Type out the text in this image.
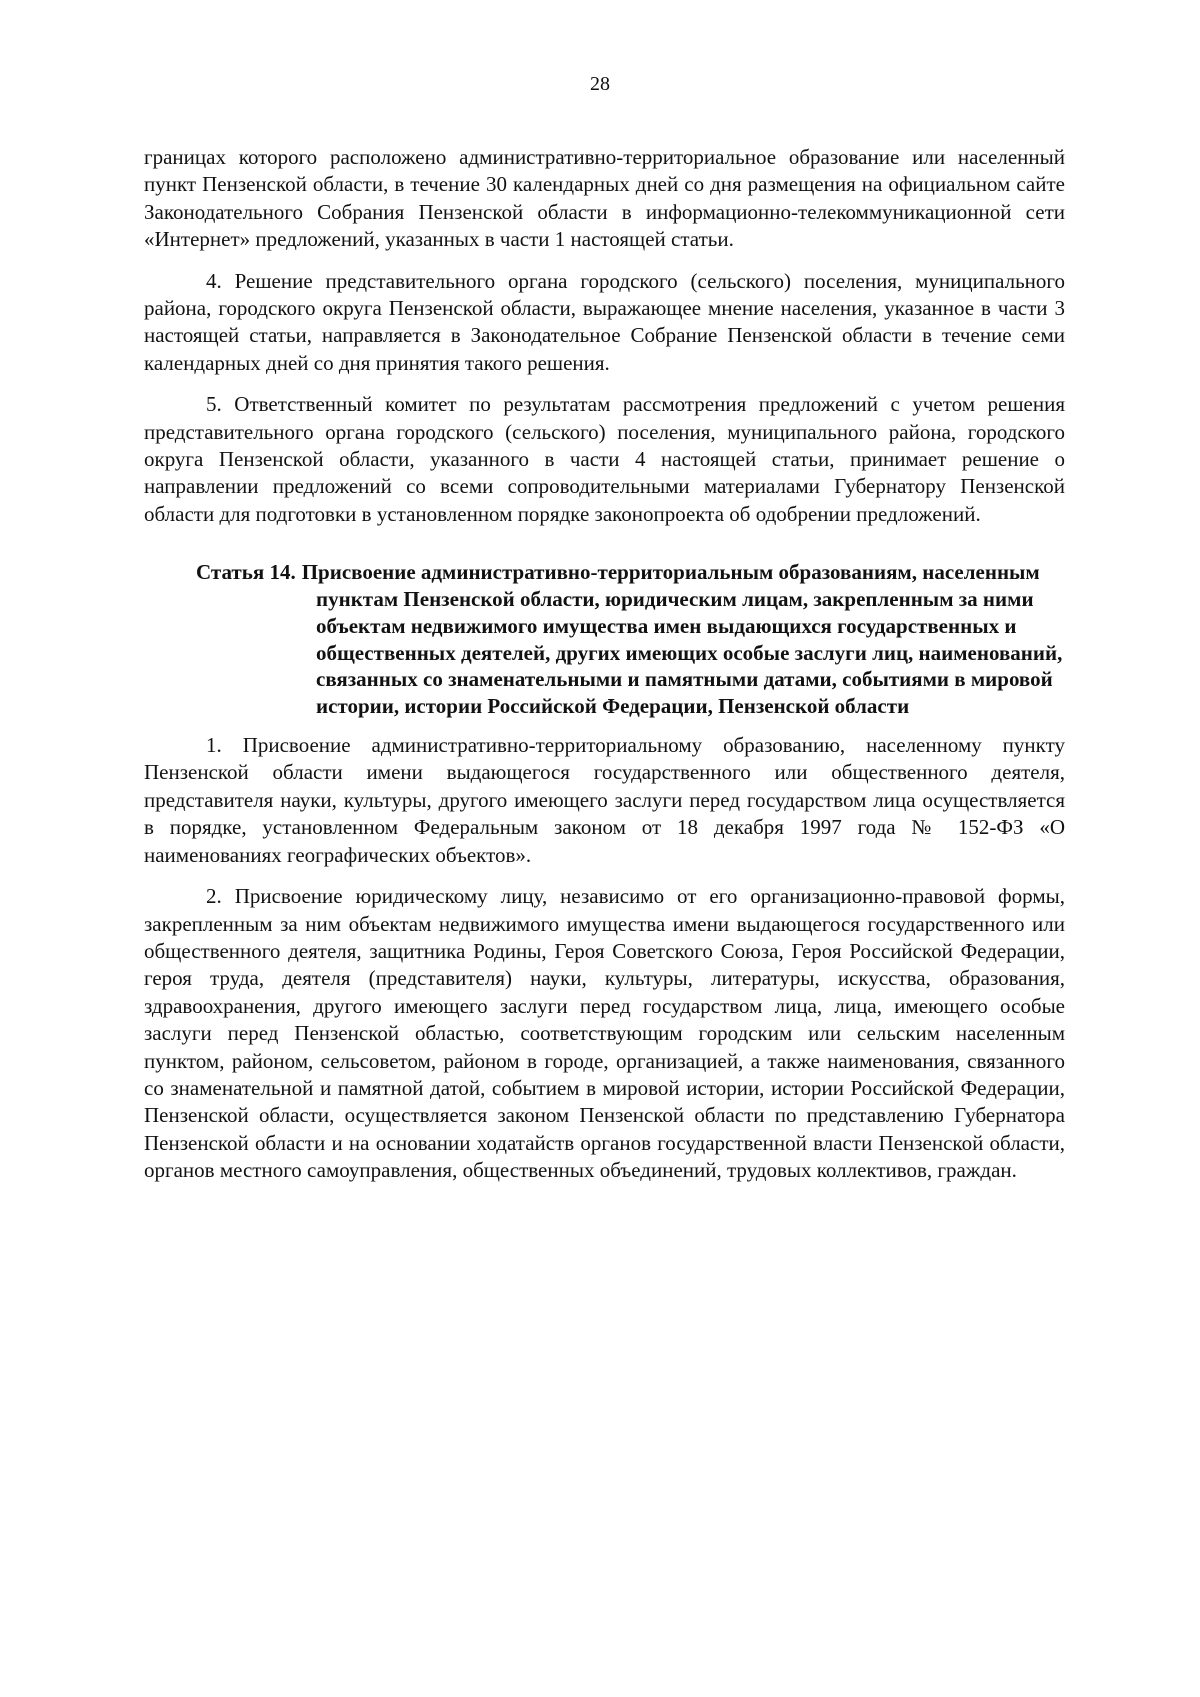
28

границах которого расположено административно-территориальное образование или населенный пункт Пензенской области, в течение 30 календарных дней со дня размещения на официальном сайте Законодательного Собрания Пензенской области в информационно-телекоммуникационной сети «Интернет» предложений, указанных в части 1 настоящей статьи.

4. Решение представительного органа городского (сельского) поселения, муниципального района, городского округа Пензенской области, выражающее мнение населения, указанное в части 3 настоящей статьи, направляется в Законодательное Собрание Пензенской области в течение семи календарных дней со дня принятия такого решения.

5. Ответственный комитет по результатам рассмотрения предложений с учетом решения представительного органа городского (сельского) поселения, муниципального района, городского округа Пензенской области, указанного в части 4 настоящей статьи, принимает решение о направлении предложений со всеми сопроводительными материалами Губернатору Пензенской области для подготовки в установленном порядке законопроекта об одобрении предложений.

Статья 14. Присвоение административно-территориальным образованиям, населенным пунктам Пензенской области, юридическим лицам, закрепленным за ними объектам недвижимого имущества имен выдающихся государственных и общественных деятелей, других имеющих особые заслуги лиц, наименований, связанных со знаменательными и памятными датами, событиями в мировой истории, истории Российской Федерации, Пензенской области

1. Присвоение административно-территориальному образованию, населенному пункту Пензенской области имени выдающегося государственного или общественного деятеля, представителя науки, культуры, другого имеющего заслуги перед государством лица осуществляется в порядке, установленном Федеральным законом от 18 декабря 1997 года № 152-ФЗ «О наименованиях географических объектов».

2. Присвоение юридическому лицу, независимо от его организационно-правовой формы, закрепленным за ним объектам недвижимого имущества имени выдающегося государственного или общественного деятеля, защитника Родины, Героя Советского Союза, Героя Российской Федерации, героя труда, деятеля (представителя) науки, культуры, литературы, искусства, образования, здравоохранения, другого имеющего заслуги перед государством лица, лица, имеющего особые заслуги перед Пензенской областью, соответствующим городским или сельским населенным пунктом, районом, сельсоветом, районом в городе, организацией, а также наименования, связанного со знаменательной и памятной датой, событием в мировой истории, истории Российской Федерации, Пензенской области, осуществляется законом Пензенской области по представлению Губернатора Пензенской области и на основании ходатайств органов государственной власти Пензенской области, органов местного самоуправления, общественных объединений, трудовых коллективов, граждан.
